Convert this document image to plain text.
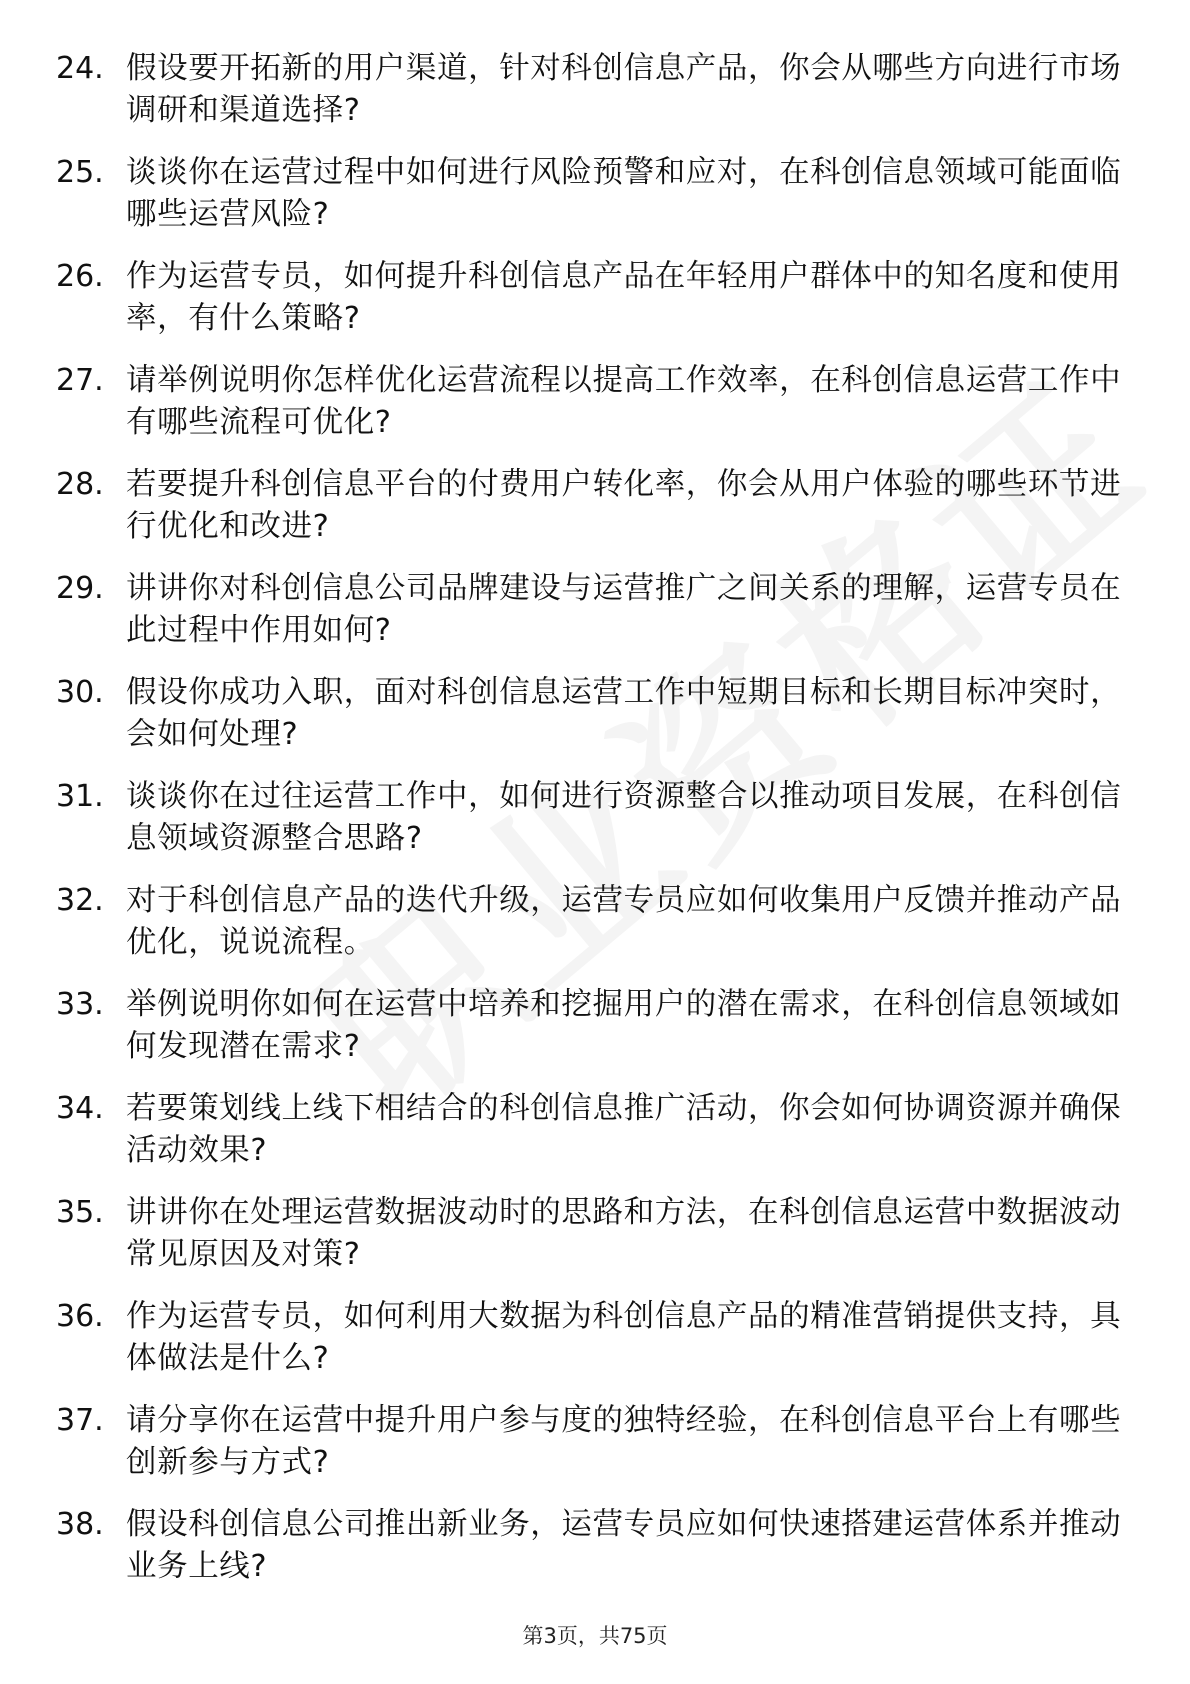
24. 假设要开拓新的用户渠道，针对科创信息产品，你会从哪些方向进行市场调研和渠道选择?
25. 谈谈你在运营过程中如何进行风险预警和应对，在科创信息领域可能面临哪些运营风险?
26. 作为运营专员，如何提升科创信息产品在年轻用户群体中的知名度和使用率，有什么策略?
27. 请举例说明你怎样优化运营流程以提高工作效率，在科创信息运营工作中有哪些流程可优化?
28. 若要提升科创信息平台的付费用户转化率，你会从用户体验的哪些环节进行优化和改进?
29. 讲讲你对科创信息公司品牌建设与运营推广之间关系的理解，运营专员在此过程中作用如何?
30. 假设你成功入职，面对科创信息运营工作中短期目标和长期目标冲突时，会如何处理?
31. 谈谈你在过往运营工作中，如何进行资源整合以推动项目发展，在科创信息领域资源整合思路?
32. 对于科创信息产品的迭代升级，运营专员应如何收集用户反馈并推动产品优化，说说流程。
33. 举例说明你如何在运营中培养和挖掘用户的潜在需求，在科创信息领域如何发现潜在需求?
34. 若要策划线上线下相结合的科创信息推广活动，你会如何协调资源并确保活动效果?
35. 讲讲你在处理运营数据波动时的思路和方法，在科创信息运营中数据波动常见原因及对策?
36. 作为运营专员，如何利用大数据为科创信息产品的精准营销提供支持，具体做法是什么?
37. 请分享你在运营中提升用户参与度的独特经验，在科创信息平台上有哪些创新参与方式?
38. 假设科创信息公司推出新业务，运营专员应如何快速搭建运营体系并推动业务上线?
第3页，共75页
